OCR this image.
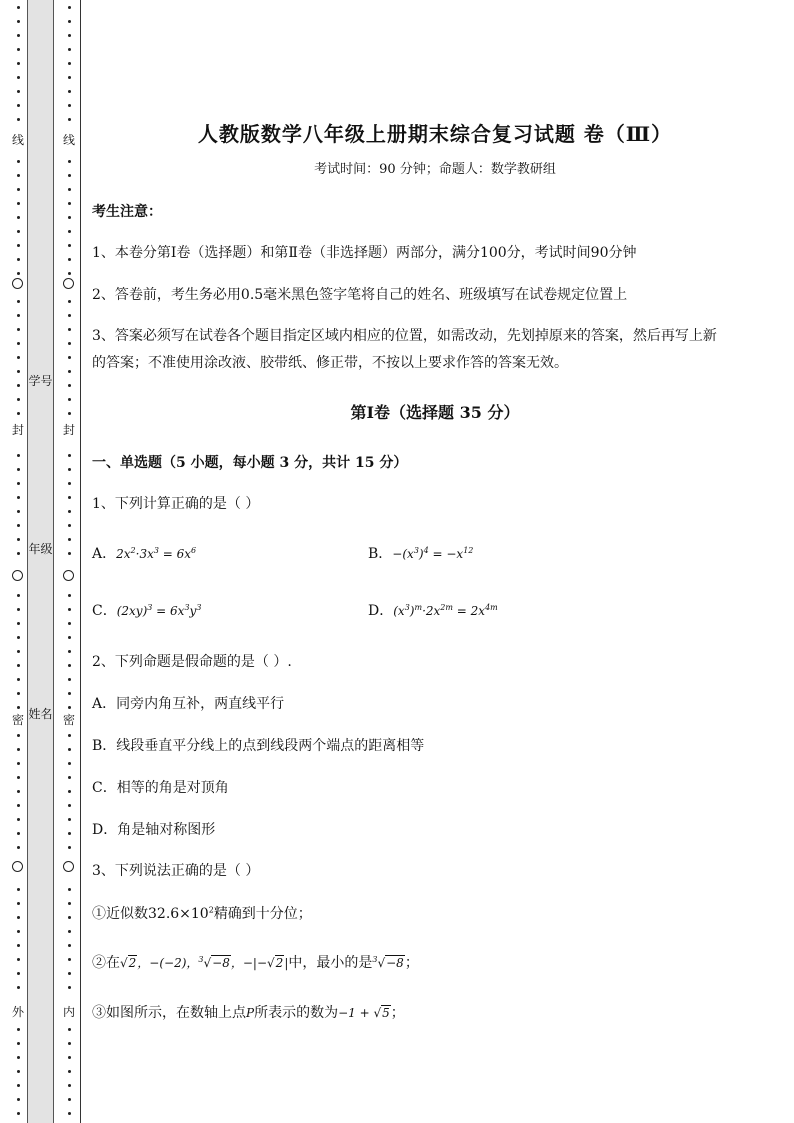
线
封
密
外
学号
年级
姓名
线
封
密
内
人教版数学八年级上册期末综合复习试题 卷（Ⅲ）
考试时间：90 分钟；命题人：数学教研组
考生注意：
1、本卷分第Ⅰ卷（选择题）和第Ⅱ卷（非选择题）两部分，满分100分，考试时间90分钟
2、答卷前，考生务必用0.5毫米黑色签字笔将自己的姓名、班级填写在试卷规定位置上
3、答案必须写在试卷各个题目指定区域内相应的位置，如需改动，先划掉原来的答案，然后再写上新
的答案；不准使用涂改液、胶带纸、修正带，不按以上要求作答的答案无效。
第Ⅰ卷（选择题 35 分）
一、单选题（5 小题，每小题 3 分，共计 15 分）
1、下列计算正确的是（ ）
A．$2x^2\cdot 3x^3 = 6x^6$	B．$-(x^3)^4 = -x^{12}$
C．$(2xy)^3 = 6x^3y^3$	D．$(x^3)^m\cdot 2x^{2m} = 2x^{4m}$
2、下列命题是假命题的是（ ）.
A．同旁内角互补，两直线平行
B．线段垂直平分线上的点到线段两个端点的距离相等
C．相等的角是对顶角
D．角是轴对称图形
3、下列说法正确的是（ ）
①近似数$32.6\times 10^2$精确到十分位；
②在√2，−(−2)，$^3$√−8，−|−√2|中，最小的是$^3$√−8；
③如图所示，在数轴上点P所表示的数为−1 + √5；
